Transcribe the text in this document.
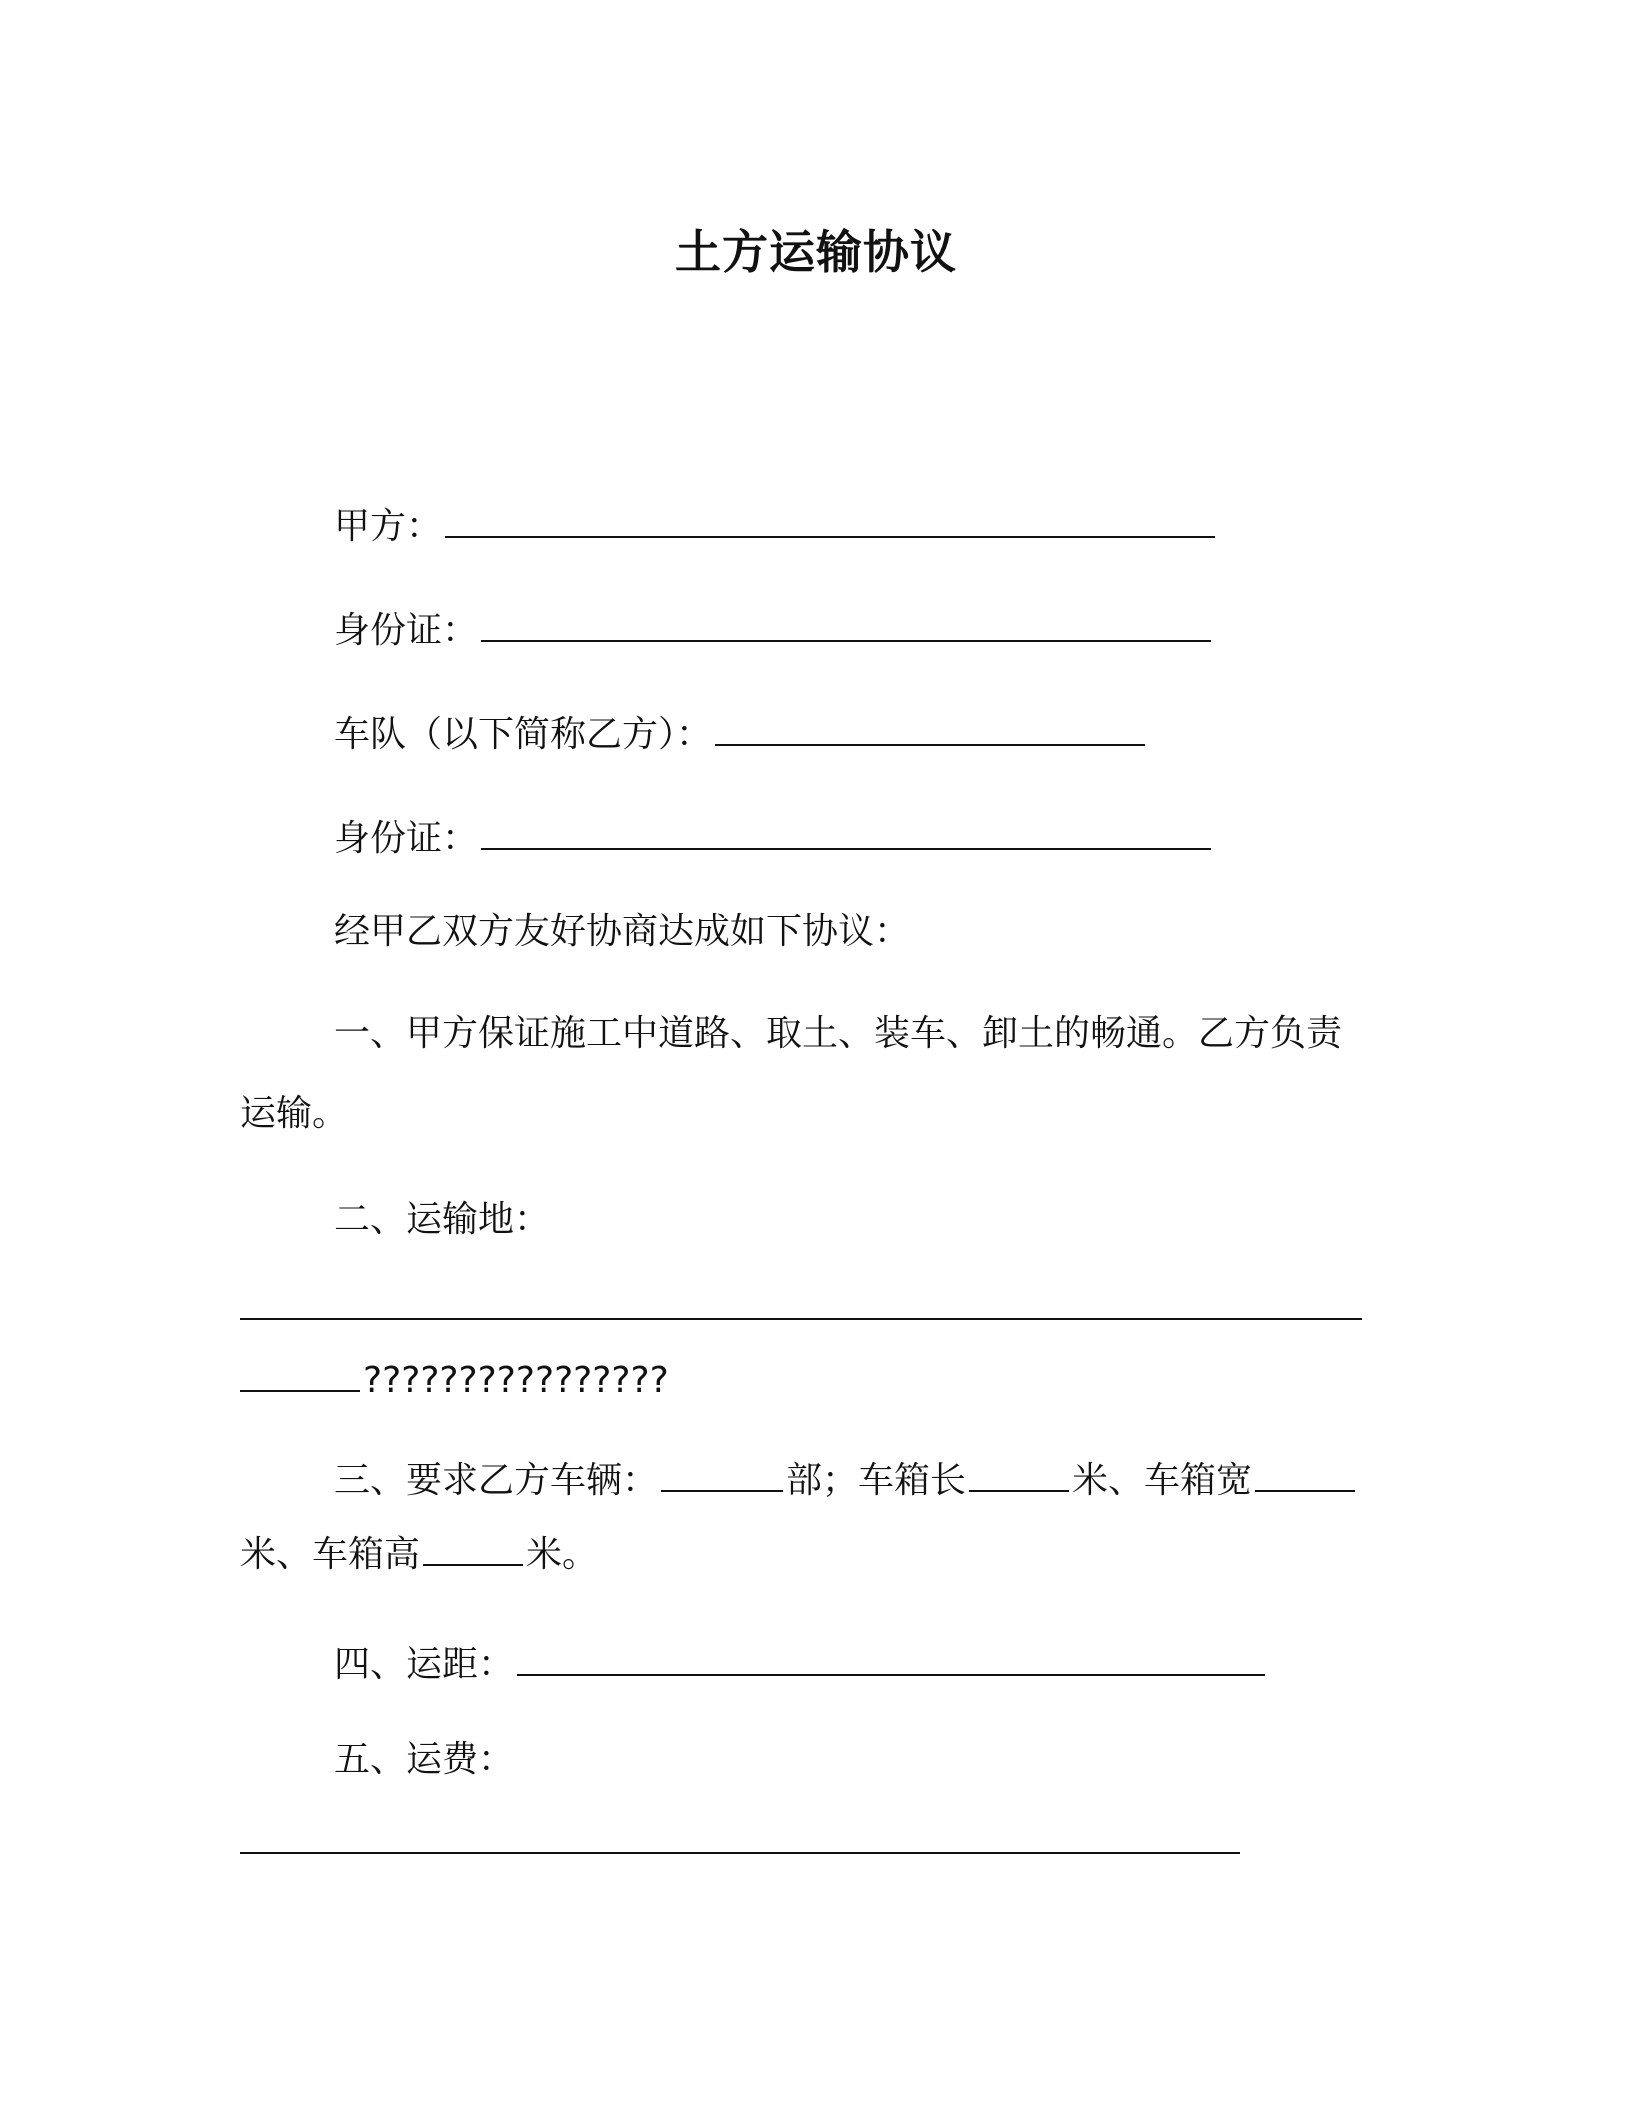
土方运输协议
甲方：
身份证：
车队（以下简称乙方）：
身份证：
经甲乙双方友好协商达成如下协议：
一、甲方保证施工中道路、取土、装车、卸土的畅通。乙方负责
运输。
二、运输地：
????????????????
三、要求乙方车辆：	部；车箱长	米、车箱宽
米、车箱高	米。
四、运距：
五、运费：
